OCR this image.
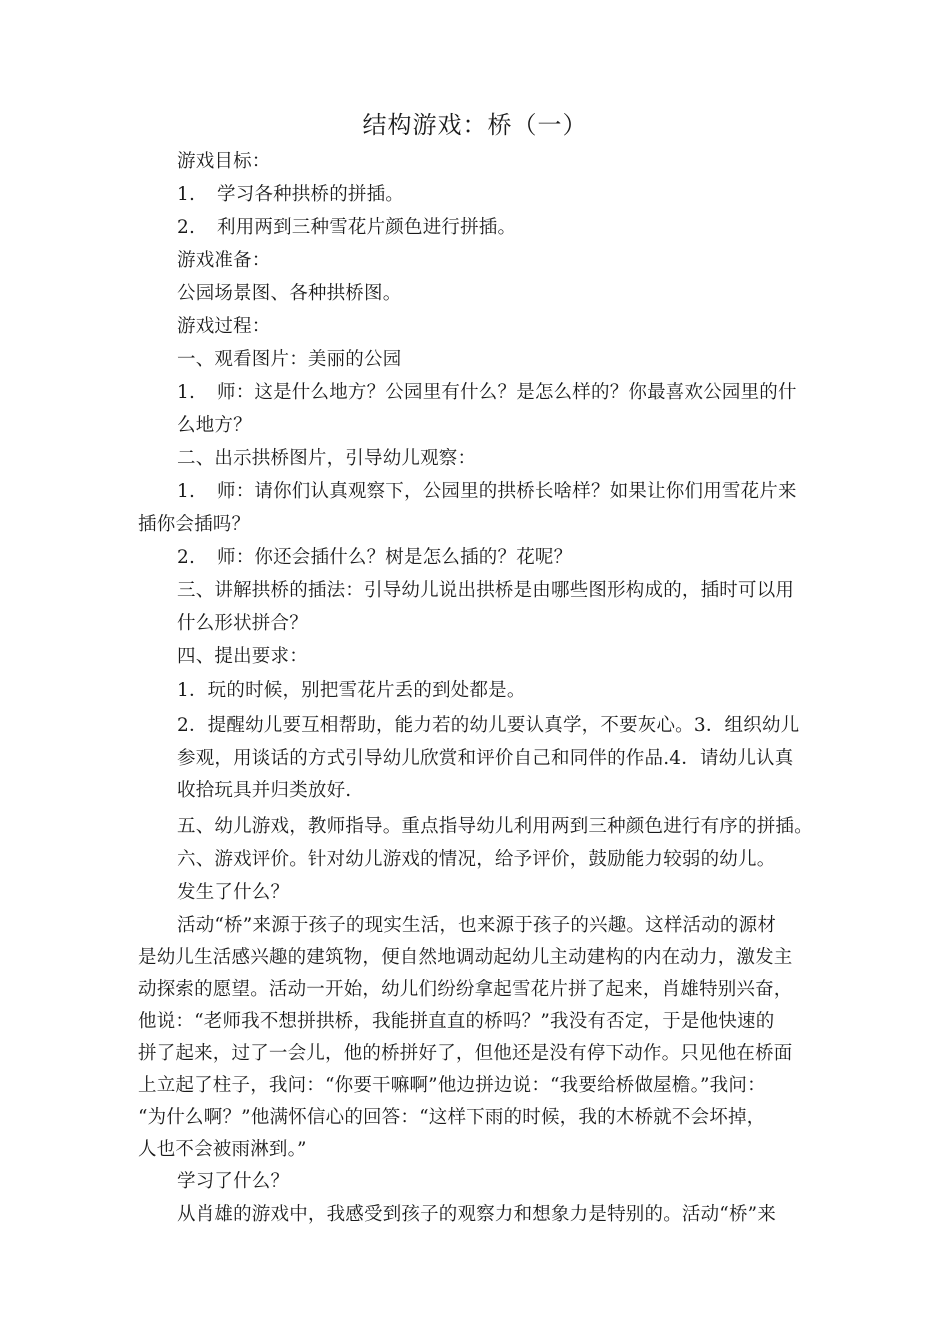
结构游戏：桥（一）
游戏目标：
1. 学习各种拱桥的拼插。
2. 利用两到三种雪花片颜色进行拼插。
游戏准备：
公园场景图、各种拱桥图。
游戏过程：
一、观看图片：美丽的公园
1. 师：这是什么地方？公园里有什么？是怎么样的？你最喜欢公园里的什
么地方？
二、出示拱桥图片，引导幼儿观察：
1. 师：请你们认真观察下，公园里的拱桥长啥样？如果让你们用雪花片来
插你会插吗？
2. 师：你还会插什么？树是怎么插的？花呢？
三、讲解拱桥的插法：引导幼儿说出拱桥是由哪些图形构成的，插时可以用
什么形状拼合？
四、提出要求：
1．玩的时候，别把雪花片丢的到处都是。
2．提醒幼儿要互相帮助，能力若的幼儿要认真学，不要灰心。3．组织幼儿
参观，用谈话的方式引导幼儿欣赏和评价自己和同伴的作品.4．请幼儿认真
收拾玩具并归类放好.
五、幼儿游戏，教师指导。重点指导幼儿利用两到三种颜色进行有序的拼插。
六、游戏评价。针对幼儿游戏的情况，给予评价，鼓励能力较弱的幼儿。
发生了什么？
活动“桥”来源于孩子的现实生活，也来源于孩子的兴趣。这样活动的源材
是幼儿生活感兴趣的建筑物，便自然地调动起幼儿主动建构的内在动力，激发主
动探索的愿望。活动一开始，幼儿们纷纷拿起雪花片拼了起来，肖雄特别兴奋，
他说：“老师我不想拼拱桥，我能拼直直的桥吗？”我没有否定，于是他快速的
拼了起来，过了一会儿，他的桥拼好了，但他还是没有停下动作。只见他在桥面
上立起了柱子，我问：“你要干嘛啊”他边拼边说：“我要给桥做屋檐。”我问：
“为什么啊？”他满怀信心的回答：“这样下雨的时候，我的木桥就不会坏掉，
人也不会被雨淋到。”
学习了什么？
从肖雄的游戏中，我感受到孩子的观察力和想象力是特别的。活动“桥”来
